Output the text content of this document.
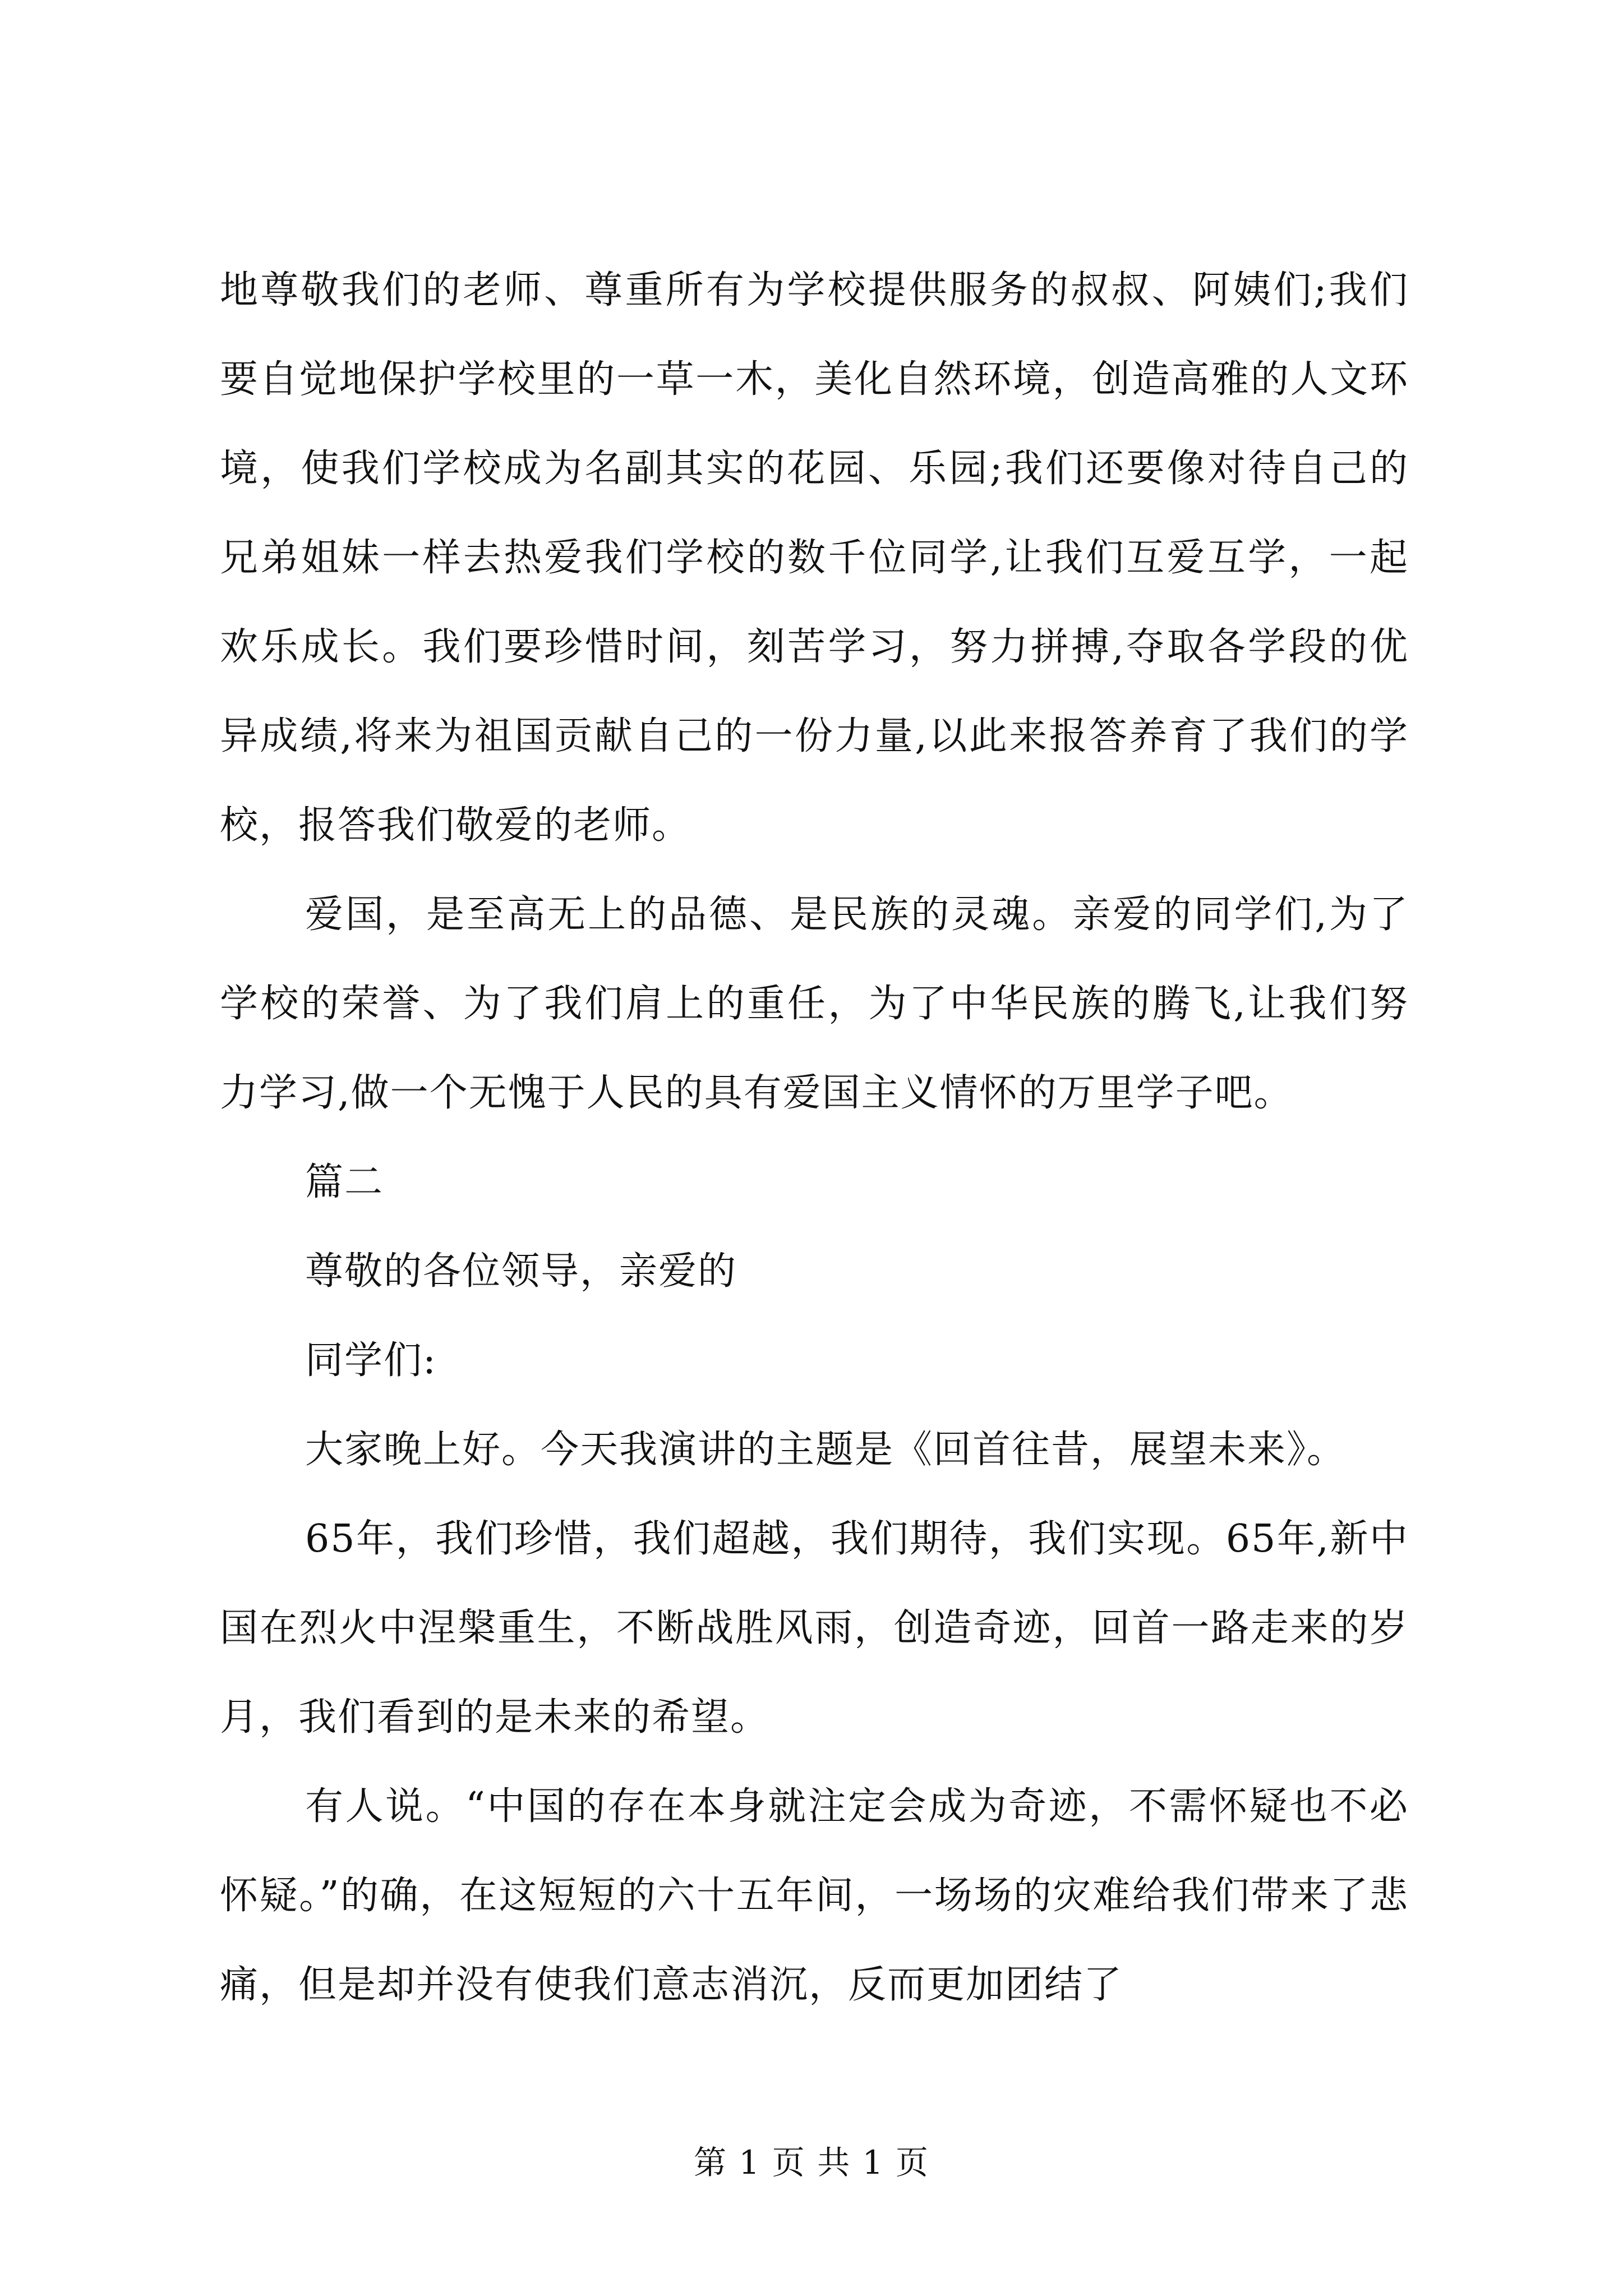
地尊敬我们的老师、尊重所有为学校提供服务的叔叔、阿姨们;我们要自觉地保护学校里的一草一木，美化自然环境，创造高雅的人文环境，使我们学校成为名副其实的花园、乐园;我们还要像对待自己的兄弟姐妹一样去热爱我们学校的数千位同学,让我们互爱互学，一起欢乐成长。我们要珍惜时间，刻苦学习，努力拼搏,夺取各学段的优异成绩,将来为祖国贡献自己的一份力量,以此来报答养育了我们的学校，报答我们敬爱的老师。

爱国，是至高无上的品德、是民族的灵魂。亲爱的同学们,为了学校的荣誉、为了我们肩上的重任，为了中华民族的腾飞,让我们努力学习,做一个无愧于人民的具有爱国主义情怀的万里学子吧。

篇二

尊敬的各位领导，亲爱的

同学们:

大家晚上好。今天我演讲的主题是《回首往昔，展望未来》。

65年，我们珍惜，我们超越，我们期待，我们实现。65年,新中国在烈火中涅槃重生，不断战胜风雨，创造奇迹，回首一路走来的岁月，我们看到的是未来的希望。

有人说。“中国的存在本身就注定会成为奇迹，不需怀疑也不必怀疑。”的确，在这短短的六十五年间，一场场的灾难给我们带来了悲痛，但是却并没有使我们意志消沉，反而更加团结了

第 1 页 共 1 页
